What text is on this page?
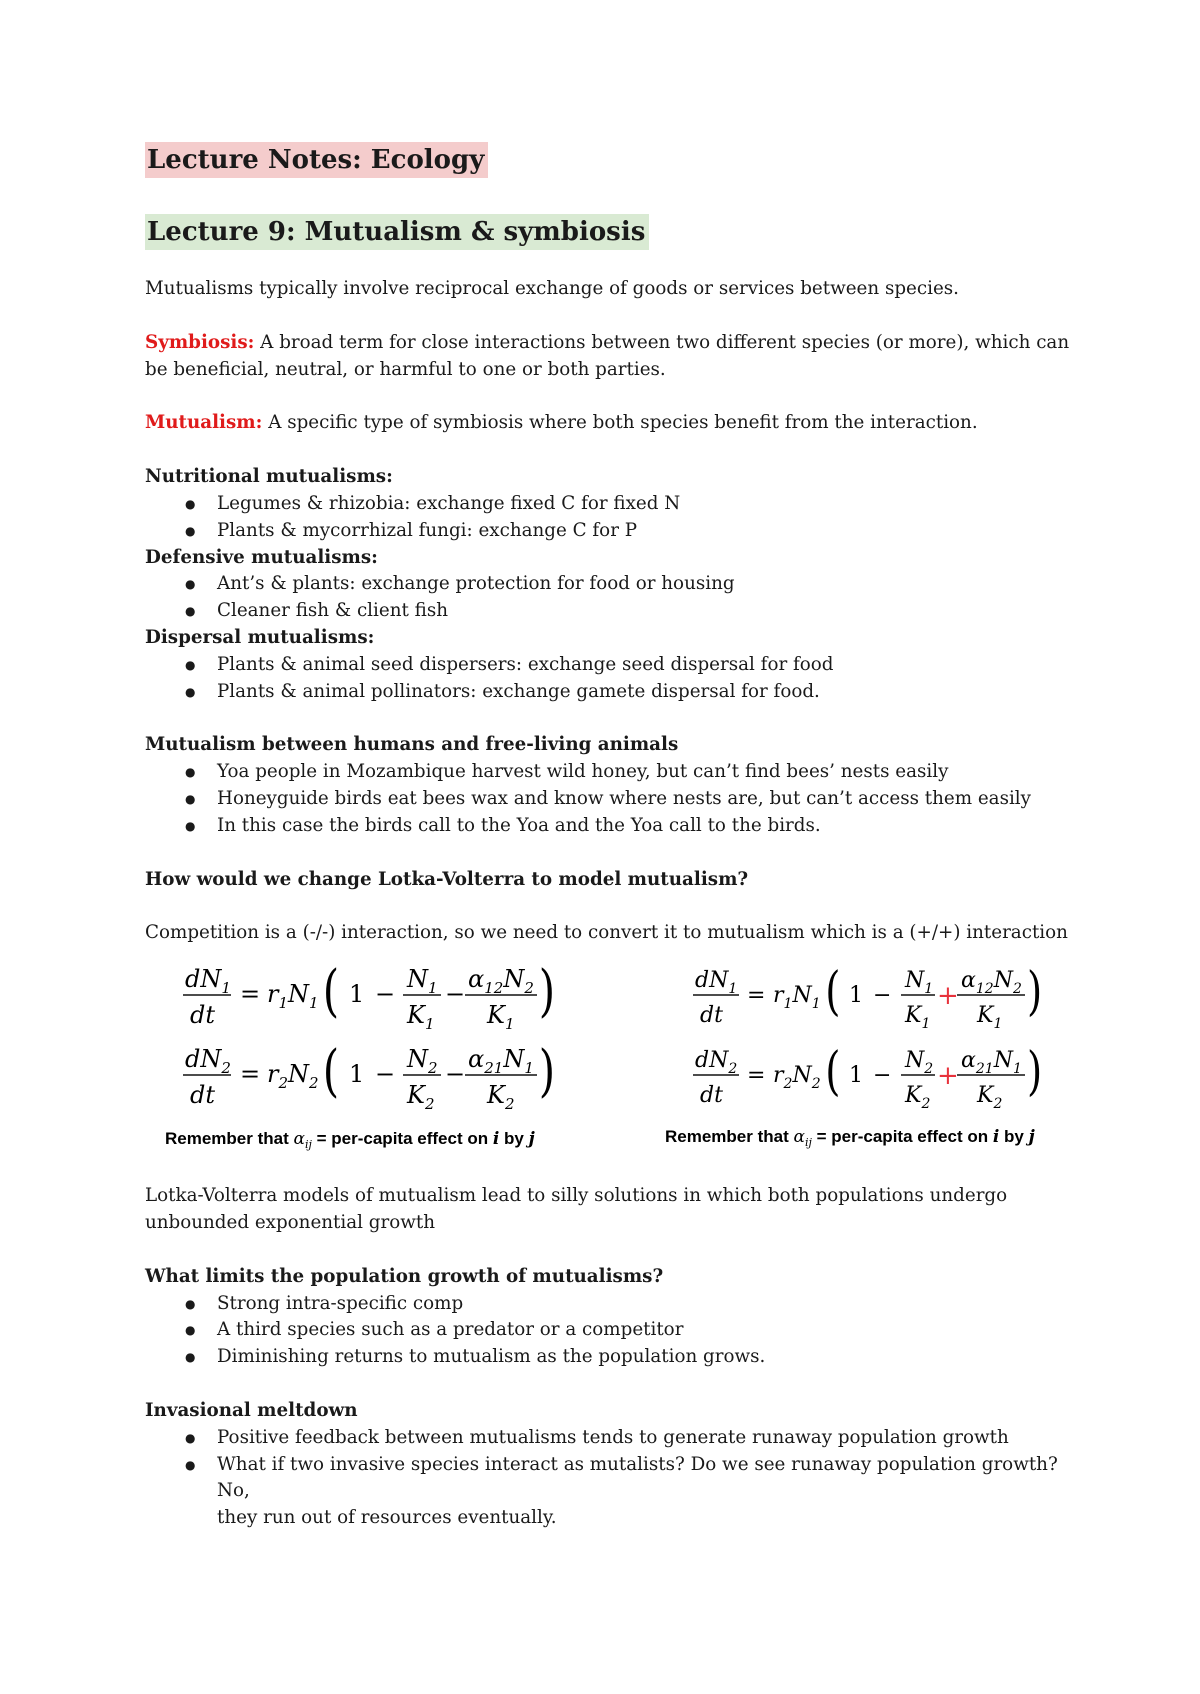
Lecture Notes: Ecology
Lecture 9: Mutualism & symbiosis

Mutualisms typically involve reciprocal exchange of goods or services between species.

Symbiosis: A broad term for close interactions between two different species (or more), which can

be beneficial, neutral, or harmful to one or both parties.

Mutualism: A specific type of symbiosis where both species benefit from the interaction.

Nutritional mutualisms:

● Legumes & rhizobia: exchange fixed C for fixed N
● Plants & mycorrhizal fungi: exchange C for P

Defensive mutualisms:

● Ant’s & plants: exchange protection for food or housing
● Cleaner fish & client fish

Dispersal mutualisms:

● Plants & animal seed dispersers: exchange seed dispersal for food
● Plants & animal pollinators: exchange gamete dispersal for food.

Mutualism between humans and free-living animals

● Yoa people in Mozambique harvest wild honey, but can’t find bees’ nests easily
● Honeyguide birds eat bees wax and know where nests are, but can’t access them easily
● In this case the birds call to the Yoa and the Yoa call to the birds.

How would we change Lotka-Volterra to model mutualism?

Competition is a (-/-) interaction, so we need to convert it to mutualism which is a (+/+) interaction

$dN_1$
dt
= $r_1N_1$ ( 1 −
$N_1$
$K_1$
−
$\alpha_{12}N_2$
$K_1$
)
$dN_2$
dt
= $r_2N_2$ ( 1 −
$N_2$
$K_2$
−
$\alpha_{21}N_1$
$K_2$
)
Remember that $\alpha_{ij}$ = per-capita effect on i by j
$dN_1$
dt
= $r_1N_1$ ( 1 −
$N_1$
$K_1$
+
$\alpha_{12}N_2$
$K_1$
)
$dN_2$
dt
= $r_2N_2$ ( 1 −
$N_2$
$K_2$
+
$\alpha_{21}N_1$
$K_2$
)
Remember that $\alpha_{ij}$ = per-capita effect on i by j

Lotka-Volterra models of mutualism lead to silly solutions in which both populations undergo

unbounded exponential growth

What limits the population growth of mutualisms?

● Strong intra-specific comp
● A third species such as a predator or a competitor
● Diminishing returns to mutualism as the population grows.

Invasional meltdown

● Positive feedback between mutualisms tends to generate runaway population growth
● What if two invasive species interact as mutalists? Do we see runaway population growth? No,
they run out of resources eventually.
